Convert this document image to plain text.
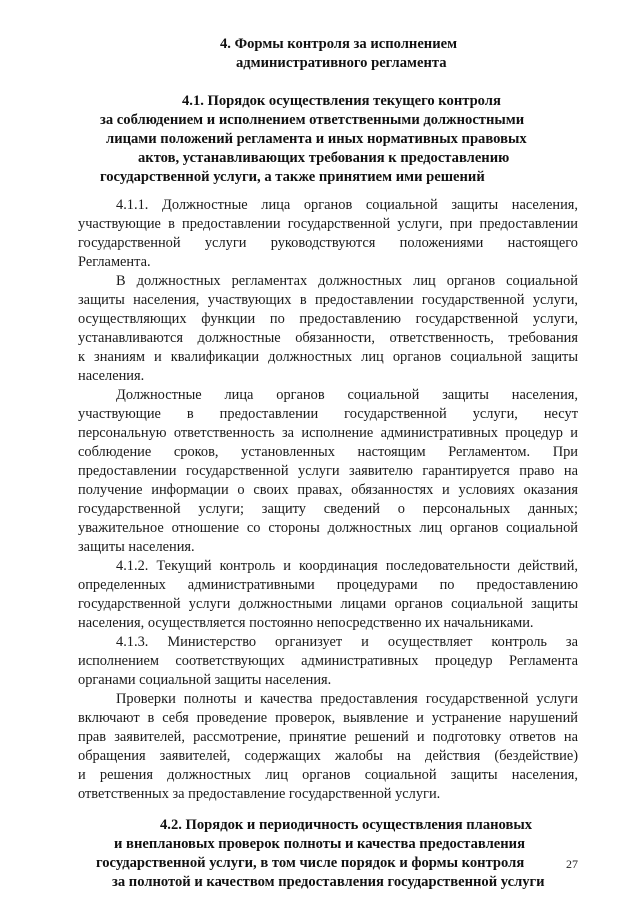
4. Формы контроля за исполнением
административного регламента
4.1. Порядок осуществления текущего контроля
за соблюдением и исполнением ответственными должностными
лицами положений регламента и иных нормативных правовых
актов, устанавливающих требования к предоставлению
государственной услуги, а также принятием ими решений
4.1.1. Должностные лица органов социальной защиты населения,
участвующие в предоставлении государственной услуги, при предоставлении
государственной услуги руководствуются положениями настоящего
Регламента.
В должностных регламентах должностных лиц органов социальной
защиты населения, участвующих в предоставлении государственной услуги,
осуществляющих функции по предоставлению государственной услуги,
устанавливаются должностные обязанности, ответственность, требования
к знаниям и квалификации должностных лиц органов социальной защиты
населения.
Должностные лица органов социальной защиты населения,
участвующие в предоставлении государственной услуги, несут
персональную ответственность за исполнение административных процедур и
соблюдение сроков, установленных настоящим Регламентом. При
предоставлении государственной услуги заявителю гарантируется право на
получение информации о своих правах, обязанностях и условиях оказания
государственной услуги; защиту сведений о персональных данных;
уважительное отношение со стороны должностных лиц органов социальной
защиты населения.
4.1.2. Текущий контроль и координация последовательности действий,
определенных административными процедурами по предоставлению
государственной услуги должностными лицами органов социальной защиты
населения, осуществляется постоянно непосредственно их начальниками.
4.1.3. Министерство организует и осуществляет контроль за
исполнением соответствующих административных процедур Регламента
органами социальной защиты населения.
Проверки полноты и качества предоставления государственной услуги
включают в себя проведение проверок, выявление и устранение нарушений
прав заявителей, рассмотрение, принятие решений и подготовку ответов на
обращения заявителей, содержащих жалобы на действия (бездействие)
и решения должностных лиц органов социальной защиты населения,
ответственных за предоставление государственной услуги.
4.2. Порядок и периодичность осуществления плановых
и внеплановых проверок полноты и качества предоставления
государственной услуги, в том числе порядок и формы контроля
за полнотой и качеством предоставления государственной услуги
27
